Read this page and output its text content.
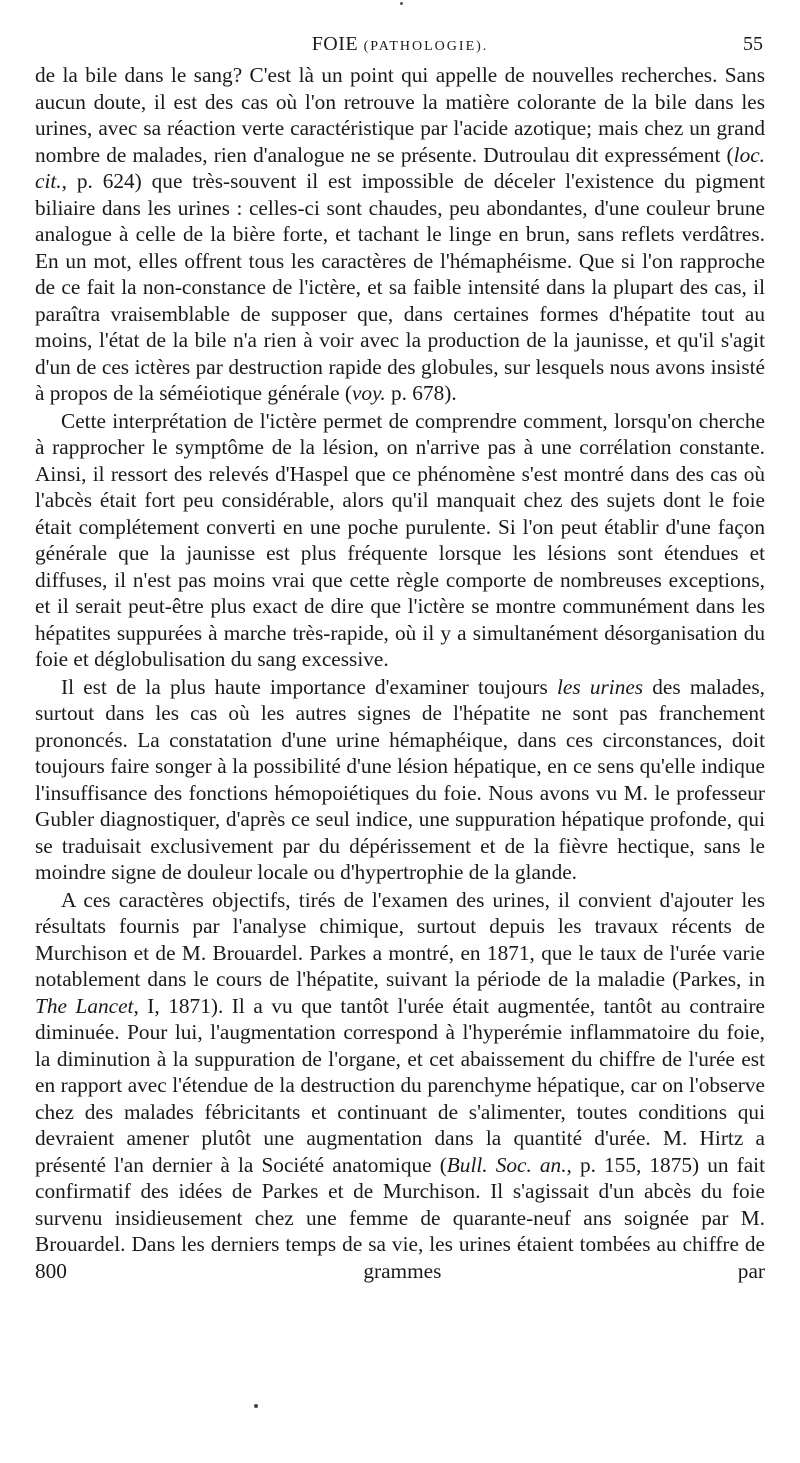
FOIE (PATHOLOGIE).	55

de la bile dans le sang? C'est là un point qui appelle de nouvelles recherches. Sans aucun doute, il est des cas où l'on retrouve la matière colorante de la bile dans les urines, avec sa réaction verte caractéristique par l'acide azotique; mais chez un grand nombre de malades, rien d'analogue ne se présente. Dutroulau dit expressément (loc. cit., p. 624) que très-souvent il est impossible de déceler l'existence du pigment biliaire dans les urines : celles-ci sont chaudes, peu abondantes, d'une couleur brune analogue à celle de la bière forte, et tachant le linge en brun, sans reflets verdâtres. En un mot, elles offrent tous les caractères de l'hémaphéisme. Que si l'on rapproche de ce fait la non-constance de l'ictère, et sa faible intensité dans la plupart des cas, il paraîtra vraisemblable de supposer que, dans certaines formes d'hépatite tout au moins, l'état de la bile n'a rien à voir avec la production de la jaunisse, et qu'il s'agit d'un de ces ictères par destruction rapide des globules, sur lesquels nous avons insisté à propos de la séméiotique générale (voy. p. 678).

Cette interprétation de l'ictère permet de comprendre comment, lorsqu'on cherche à rapprocher le symptôme de la lésion, on n'arrive pas à une corrélation constante. Ainsi, il ressort des relevés d'Haspel que ce phénomène s'est montré dans des cas où l'abcès était fort peu considérable, alors qu'il manquait chez des sujets dont le foie était complétement converti en une poche purulente. Si l'on peut établir d'une façon générale que la jaunisse est plus fréquente lorsque les lésions sont étendues et diffuses, il n'est pas moins vrai que cette règle comporte de nombreuses exceptions, et il serait peut-être plus exact de dire que l'ictère se montre communément dans les hépatites suppurées à marche très-rapide, où il y a simultanément désorganisation du foie et déglobulisation du sang excessive.

Il est de la plus haute importance d'examiner toujours les urines des malades, surtout dans les cas où les autres signes de l'hépatite ne sont pas franchement prononcés. La constatation d'une urine hémaphéique, dans ces circonstances, doit toujours faire songer à la possibilité d'une lésion hépatique, en ce sens qu'elle indique l'insuffisance des fonctions hémopoiétiques du foie. Nous avons vu M. le professeur Gubler diagnostiquer, d'après ce seul indice, une suppuration hépatique profonde, qui se traduisait exclusivement par du dépérissement et de la fièvre hectique, sans le moindre signe de douleur locale ou d'hypertrophie de la glande.

A ces caractères objectifs, tirés de l'examen des urines, il convient d'ajouter les résultats fournis par l'analyse chimique, surtout depuis les travaux récents de Murchison et de M. Brouardel. Parkes a montré, en 1871, que le taux de l'urée varie notablement dans le cours de l'hépatite, suivant la période de la maladie (Parkes, in The Lancet, I, 1871). Il a vu que tantôt l'urée était augmentée, tantôt au contraire diminuée. Pour lui, l'augmentation correspond à l'hyperémie inflammatoire du foie, la diminution à la suppuration de l'organe, et cet abaissement du chiffre de l'urée est en rapport avec l'étendue de la destruction du parenchyme hépatique, car on l'observe chez des malades fébricitants et continuant de s'alimenter, toutes conditions qui devraient amener plutôt une augmentation dans la quantité d'urée. M. Hirtz a présenté l'an dernier à la Société anatomique (Bull. Soc. an., p. 155, 1875) un fait confirmatif des idées de Parkes et de Murchison. Il s'agissait d'un abcès du foie survenu insidieusement chez une femme de quarante-neuf ans soignée par M. Brouardel. Dans les derniers temps de sa vie, les urines étaient tombées au chiffre de 800 grammes par
